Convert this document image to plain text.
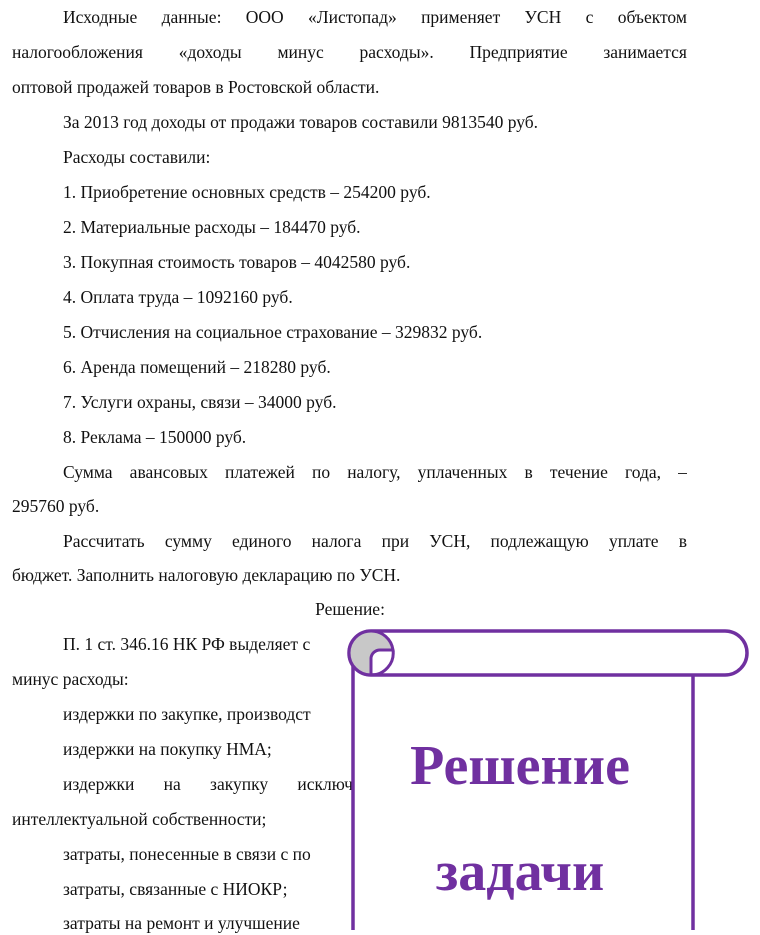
Исходные данные: ООО «Листопад» применяет УСН с объектом
налогообложения «доходы минус расходы». Предприятие занимается
оптовой продажей товаров в Ростовской области.
За 2013 год доходы от продажи товаров составили 9813540 руб.
Расходы составили:
1. Приобретение основных средств – 254200 руб.
2. Материальные расходы – 184470 руб.
3. Покупная стоимость товаров – 4042580 руб.
4. Оплата труда – 1092160 руб.
5. Отчисления на социальное страхование – 329832 руб.
6. Аренда помещений – 218280 руб.
7. Услуги охраны, связи – 34000 руб.
8. Реклама – 150000 руб.
Сумма авансовых платежей по налогу, уплаченных в течение года, –
295760 руб.
Рассчитать сумму единого налога при УСН, подлежащую уплате в
бюджет. Заполнить налоговую декларацию по УСН.
Решение:
П. 1 ст. 346.16 НК РФ выделяет с
минус расходы:
издержки по закупке, производст
издержки на покупку НМА;
издержки на закупку исключ
интеллектуальной собственности;
затраты, понесенные в связи с по
затраты, связанные с НИОКР;
затраты на ремонт и улучшение
Решение
задачи
